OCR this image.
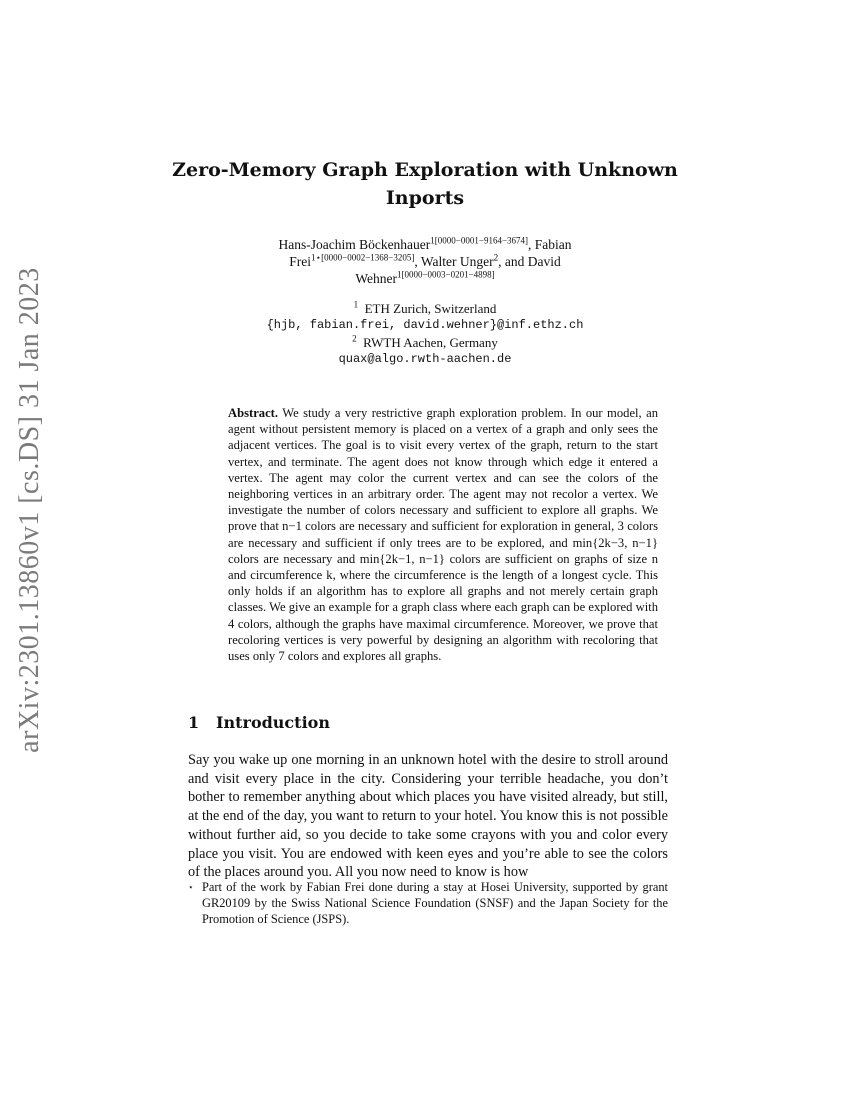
arXiv:2301.13860v1 [cs.DS] 31 Jan 2023
Zero-Memory Graph Exploration with Unknown Inports
Hans-Joachim Böckenhauer$^{1[0000-0001-9164-3674]}$, Fabian Frei$^{1⋆[0000-0002-1368-3205]}$, Walter Unger$^2$, and David Wehner$^{1[0000-0003-0201-4898]}$
$^1$ ETH Zurich, Switzerland
{hjb, fabian.frei, david.wehner}@inf.ethz.ch
$^2$ RWTH Aachen, Germany
quax@algo.rwth-aachen.de
Abstract. We study a very restrictive graph exploration problem. In our model, an agent without persistent memory is placed on a vertex of a graph and only sees the adjacent vertices. The goal is to visit every vertex of the graph, return to the start vertex, and terminate. The agent does not know through which edge it entered a vertex. The agent may color the current vertex and can see the colors of the neighboring vertices in an arbitrary order. The agent may not recolor a vertex. We investigate the number of colors necessary and sufficient to explore all graphs. We prove that n−1 colors are necessary and sufficient for exploration in general, 3 colors are necessary and sufficient if only trees are to be explored, and min{2k−3, n−1} colors are necessary and min{2k−1, n−1} colors are sufficient on graphs of size n and circumference k, where the circumference is the length of a longest cycle. This only holds if an algorithm has to explore all graphs and not merely certain graph classes. We give an example for a graph class where each graph can be explored with 4 colors, although the graphs have maximal circumference. Moreover, we prove that recoloring vertices is very powerful by designing an algorithm with recoloring that uses only 7 colors and explores all graphs.
1 Introduction
Say you wake up one morning in an unknown hotel with the desire to stroll around and visit every place in the city. Considering your terrible headache, you don’t bother to remember anything about which places you have visited already, but still, at the end of the day, you want to return to your hotel. You know this is not possible without further aid, so you decide to take some crayons with you and color every place you visit. You are endowed with keen eyes and you’re able to see the colors of the places around you. All you now need to know is how
⋆ Part of the work by Fabian Frei done during a stay at Hosei University, supported by grant GR20109 by the Swiss National Science Foundation (SNSF) and the Japan Society for the Promotion of Science (JSPS).
